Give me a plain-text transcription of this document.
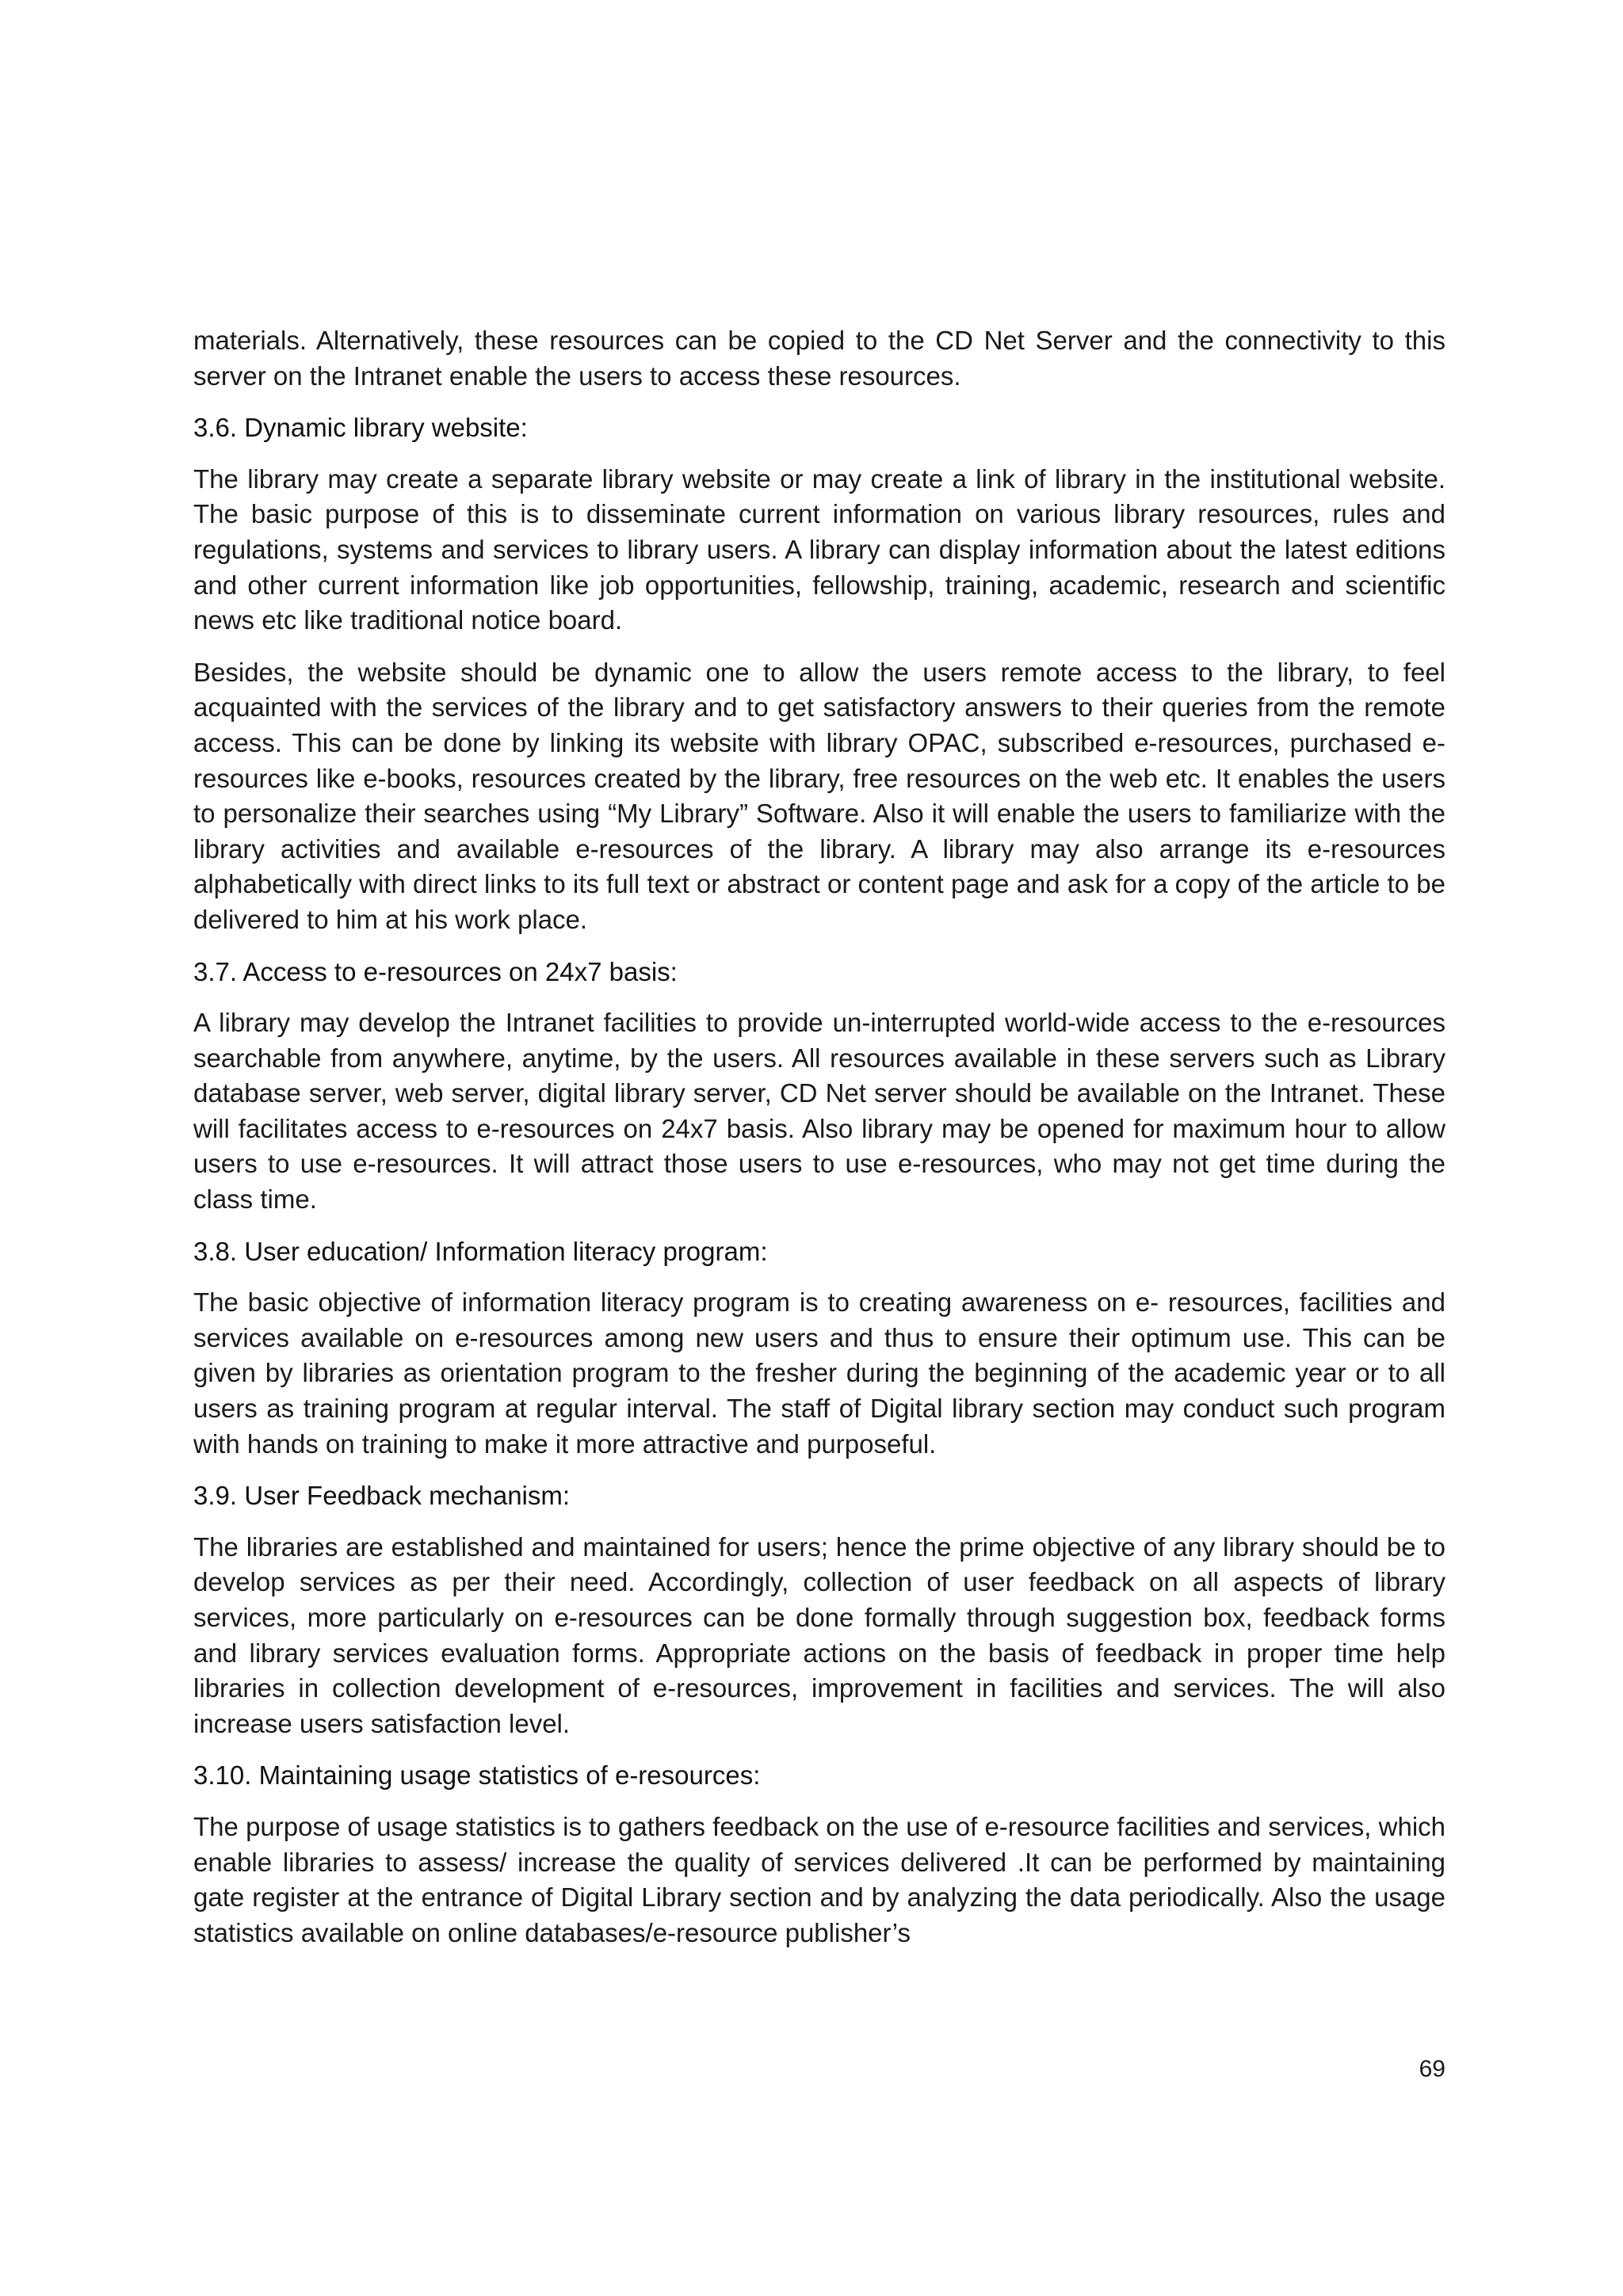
materials. Alternatively, these resources can be copied to the CD Net Server and the connectivity to this server on the Intranet enable the users to access these resources.

3.6. Dynamic library website:

The library may create a separate library website or may create a link of library in the institutional website. The basic purpose of this is to disseminate current information on various library resources, rules and regulations, systems and services to library users. A library can display information about the latest editions and other current information like job opportunities, fellowship, training, academic, research and scientific news etc like traditional notice board.

Besides, the website should be dynamic one to allow the users remote access to the library, to feel acquainted with the services of the library and to get satisfactory answers to their queries from the remote access. This can be done by linking its website with library OPAC, subscribed e-resources, purchased e-resources like e-books, resources created by the library, free resources on the web etc. It enables the users to personalize their searches using “My Library” Software. Also it will enable the users to familiarize with the library activities and available e-resources of the library. A library may also arrange its e-resources alphabetically with direct links to its full text or abstract or content page and ask for a copy of the article to be delivered to him at his work place.

3.7. Access to e-resources on 24x7 basis:

A library may develop the Intranet facilities to provide un-interrupted world-wide access to the e-resources searchable from anywhere, anytime, by the users. All resources available in these servers such as Library database server, web server, digital library server, CD Net server should be available on the Intranet. These will facilitates access to e-resources on 24x7 basis. Also library may be opened for maximum hour to allow users to use e-resources. It will attract those users to use e-resources, who may not get time during the class time.

3.8. User education/ Information literacy program:

The basic objective of information literacy program is to creating awareness on e- resources, facilities and services available on e-resources among new users and thus to ensure their optimum use. This can be given by libraries as orientation program to the fresher during the beginning of the academic year or to all users as training program at regular interval. The staff of Digital library section may conduct such program with hands on training to make it more attractive and purposeful.

3.9. User Feedback mechanism:

The libraries are established and maintained for users; hence the prime objective of any library should be to develop services as per their need. Accordingly, collection of user feedback on all aspects of library services, more particularly on e-resources can be done formally through suggestion box, feedback forms and library services evaluation forms. Appropriate actions on the basis of feedback in proper time help libraries in collection development of e-resources, improvement in facilities and services. The will also increase users satisfaction level.

3.10. Maintaining usage statistics of e-resources:

The purpose of usage statistics is to gathers feedback on the use of e-resource facilities and services, which enable libraries to assess/ increase the quality of services delivered .It can be performed by maintaining gate register at the entrance of Digital Library section and by analyzing the data periodically. Also the usage statistics available on online databases/e-resource publisher’s

69
